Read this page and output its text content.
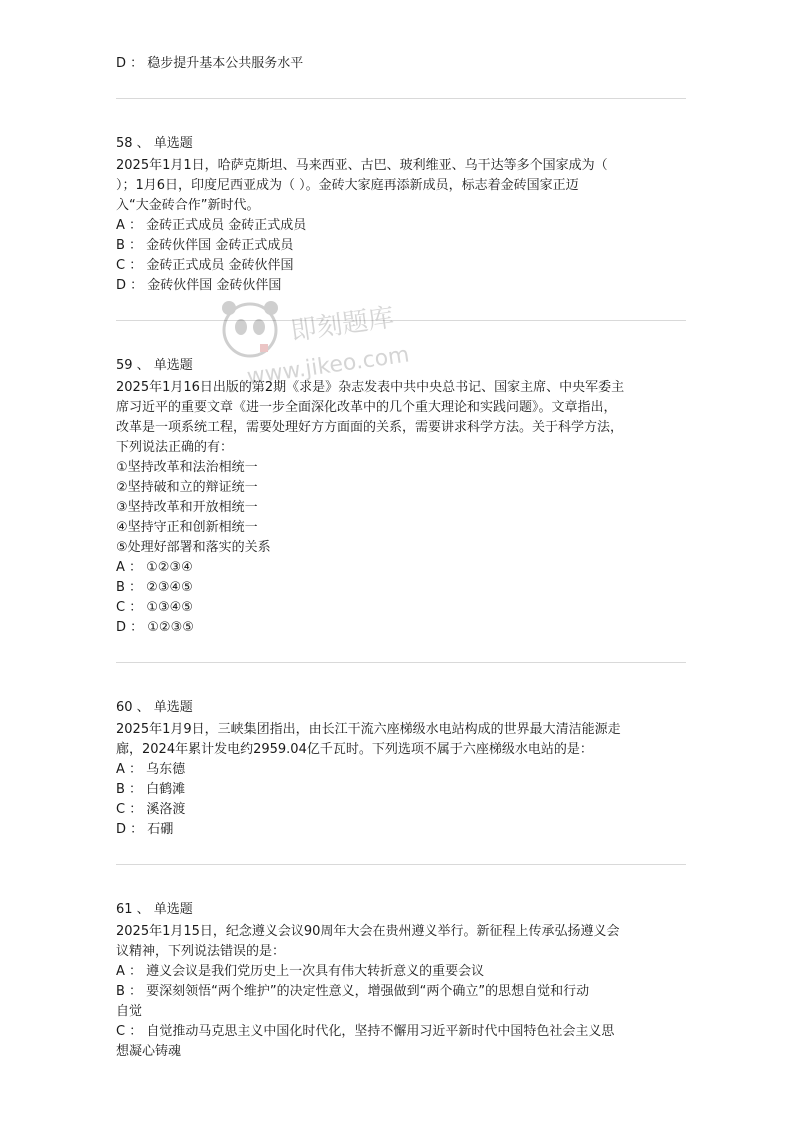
D ： 稳步提升基本公共服务水平
58 、 单选题
2025年1月1日，哈萨克斯坦、马来西亚、古巴、玻利维亚、乌干达等多个国家成为（
）；1月6日，印度尼西亚成为（ ）。金砖大家庭再添新成员，标志着金砖国家正迈
入“大金砖合作”新时代。
A ： 金砖正式成员 金砖正式成员
B ： 金砖伙伴国 金砖正式成员
C ： 金砖正式成员 金砖伙伴国
D ： 金砖伙伴国 金砖伙伴国
59 、 单选题
2025年1月16日出版的第2期《求是》杂志发表中共中央总书记、国家主席、中央军委主
席习近平的重要文章《进一步全面深化改革中的几个重大理论和实践问题》。文章指出，
改革是一项系统工程，需要处理好方方面面的关系，需要讲求科学方法。关于科学方法，
下列说法正确的有：
①坚持改革和法治相统一
②坚持破和立的辩证统一
③坚持改革和开放相统一
④坚持守正和创新相统一
⑤处理好部署和落实的关系
A ： ①②③④
B ： ②③④⑤
C ： ①③④⑤
D ： ①②③⑤
60 、 单选题
2025年1月9日，三峡集团指出，由长江干流六座梯级水电站构成的世界最大清洁能源走
廊，2024年累计发电约2959.04亿千瓦时。下列选项不属于六座梯级水电站的是：
A ： 乌东德
B ： 白鹤滩
C ： 溪洛渡
D ： 石硼
61 、 单选题
2025年1月15日，纪念遵义会议90周年大会在贵州遵义举行。新征程上传承弘扬遵义会
议精神，下列说法错误的是：
A ： 遵义会议是我们党历史上一次具有伟大转折意义的重要会议
B ： 要深刻领悟“两个维护”的决定性意义，增强做到“两个确立”的思想自觉和行动
自觉
C ： 自觉推动马克思主义中国化时代化，坚持不懈用习近平新时代中国特色社会主义思
想凝心铸魂
即刻题库
www.jikeo.com
